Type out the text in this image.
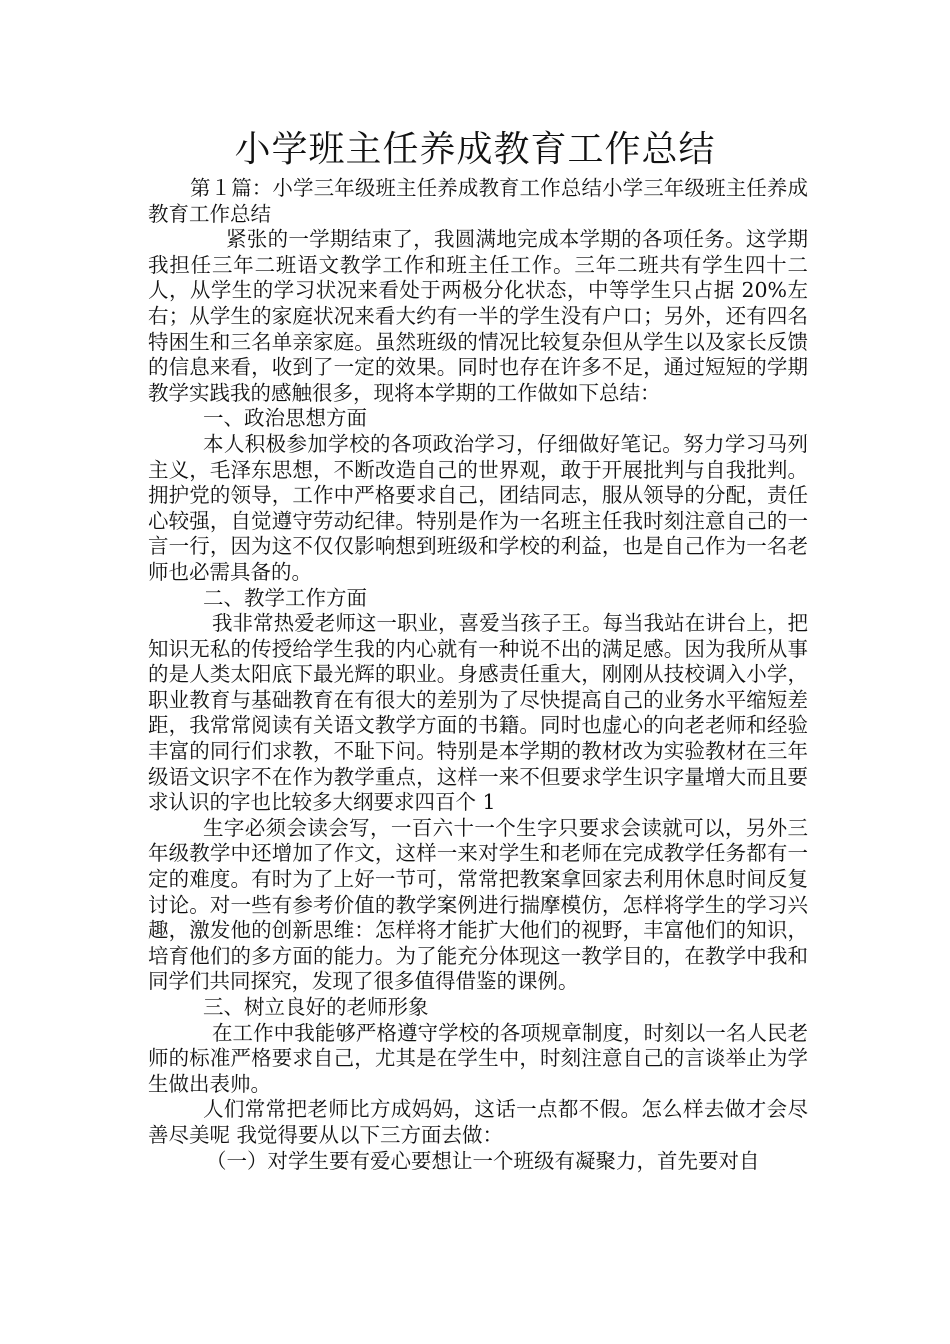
小学班主任养成教育工作总结

第１篇：小学三年级班主任养成教育工作总结小学三年级班主任养成教育工作总结

紧张的一学期结束了，我圆满地完成本学期的各项任务。这学期我担任三年二班语文教学工作和班主任工作。三年二班共有学生四十二人，从学生的学习状况来看处于两极分化状态，中等学生只占据 20%左右；从学生的家庭状况来看大约有一半的学生没有户口；另外，还有四名特困生和三名单亲家庭。虽然班级的情况比较复杂但从学生以及家长反馈的信息来看，收到了一定的效果。同时也存在许多不足，通过短短的学期教学实践我的感触很多，现将本学期的工作做如下总结：

一、政治思想方面

本人积极参加学校的各项政治学习，仔细做好笔记。努力学习马列主义，毛泽东思想，不断改造自己的世界观，敢于开展批判与自我批判。拥护党的领导，工作中严格要求自己，团结同志，服从领导的分配，责任心较强，自觉遵守劳动纪律。特别是作为一名班主任我时刻注意自己的一言一行，因为这不仅仅影响想到班级和学校的利益，也是自己作为一名老师也必需具备的。

二、教学工作方面

我非常热爱老师这一职业，喜爱当孩子王。每当我站在讲台上，把知识无私的传授给学生我的内心就有一种说不出的满足感。因为我所从事的是人类太阳底下最光辉的职业。身感责任重大，刚刚从技校调入小学，职业教育与基础教育在有很大的差别为了尽快提高自己的业务水平缩短差距，我常常阅读有关语文教学方面的书籍。同时也虚心的向老老师和经验丰富的同行们求教，不耻下问。特别是本学期的教材改为实验教材在三年级语文识字不在作为教学重点，这样一来不但要求学生识字量增大而且要求认识的字也比较多大纲要求四百个 1

生字必须会读会写，一百六十一个生字只要求会读就可以，另外三年级教学中还增加了作文，这样一来对学生和老师在完成教学任务都有一定的难度。有时为了上好一节可，常常把教案拿回家去利用休息时间反复讨论。对一些有参考价值的教学案例进行揣摩模仿，怎样将学生的学习兴趣，激发他的创新思维：怎样将才能扩大他们的视野，丰富他们的知识，培育他们的多方面的能力。为了能充分体现这一教学目的，在教学中我和同学们共同探究，发现了很多值得借鉴的课例。

三、树立良好的老师形象

在工作中我能够严格遵守学校的各项规章制度，时刻以一名人民老师的标准严格要求自己，尤其是在学生中，时刻注意自己的言谈举止为学生做出表帅。

人们常常把老师比方成妈妈，这话一点都不假。怎么样去做才会尽善尽美呢 我觉得要从以下三方面去做：

（一）对学生要有爱心要想让一个班级有凝聚力，首先要对自
